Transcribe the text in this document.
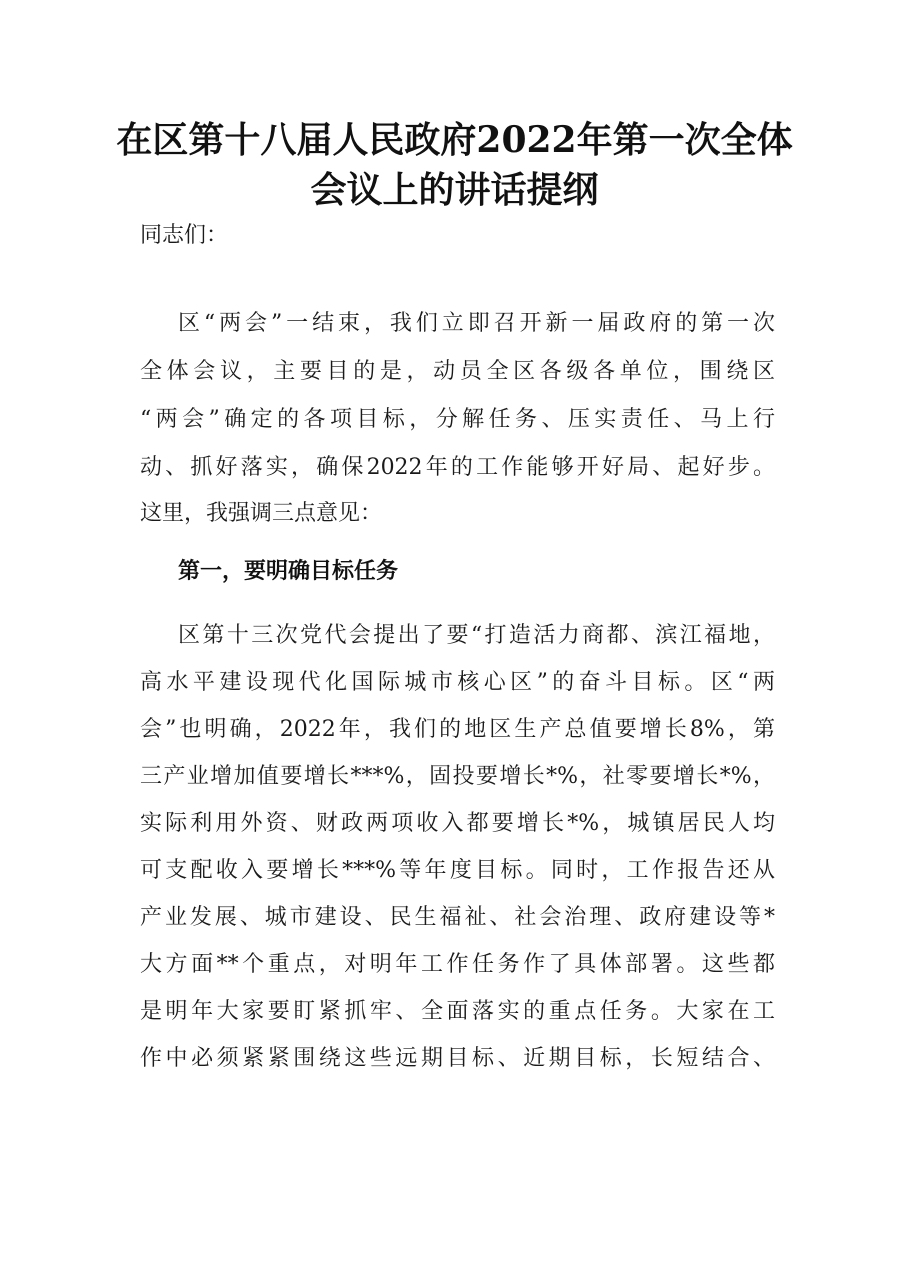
在区第十八届人民政府2022年第一次全体
会议上的讲话提纲
同志们：
区“两会”一结束，我们立即召开新一届政府的第一次
全体会议，主要目的是，动员全区各级各单位，围绕区
“两会”确定的各项目标，分解任务、压实责任、马上行
动、抓好落实，确保2022年的工作能够开好局、起好步。
这里，我强调三点意见：
第一，要明确目标任务
区第十三次党代会提出了要“打造活力商都、滨江福地，
高水平建设现代化国际城市核心区”的奋斗目标。区“两
会”也明确，2022年，我们的地区生产总值要增长8%，第
三产业增加值要增长***%，固投要增长*%，社零要增长*%，
实际利用外资、财政两项收入都要增长*%，城镇居民人均
可支配收入要增长***%等年度目标。同时，工作报告还从
产业发展、城市建设、民生福祉、社会治理、政府建设等*
大方面**个重点，对明年工作任务作了具体部署。这些都
是明年大家要盯紧抓牢、全面落实的重点任务。大家在工
作中必须紧紧围绕这些远期目标、近期目标，长短结合、
